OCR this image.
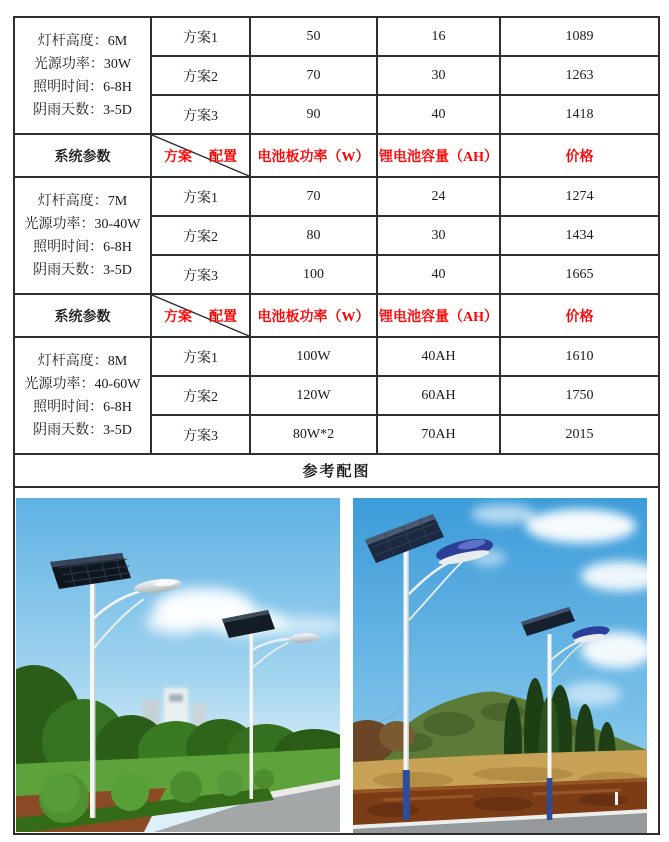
灯杆高度：6M
光源功率：30W
照明时间：6-8H
阴雨天数：3-5D	方案1	50	16	1089
	方案2	70	30	1263
	方案3	90	40	1418
系统参数	方案 配置	电池板功率（W）	锂电池容量（AH）	价格

灯杆高度：7M
光源功率：30-40W
照明时间：6-8H
阴雨天数：3-5D	方案1	70	24	1274
	方案2	80	30	1434
	方案3	100	40	1665
系统参数	方案 配置	电池板功率（W）	锂电池容量（AH）	价格

灯杆高度：8M
光源功率：40-60W
照明时间：6-8H
阴雨天数：3-5D	方案1	100W	40AH	1610
	方案2	120W	60AH	1750
	方案3	80W*2	70AH	2015
参考配图				
